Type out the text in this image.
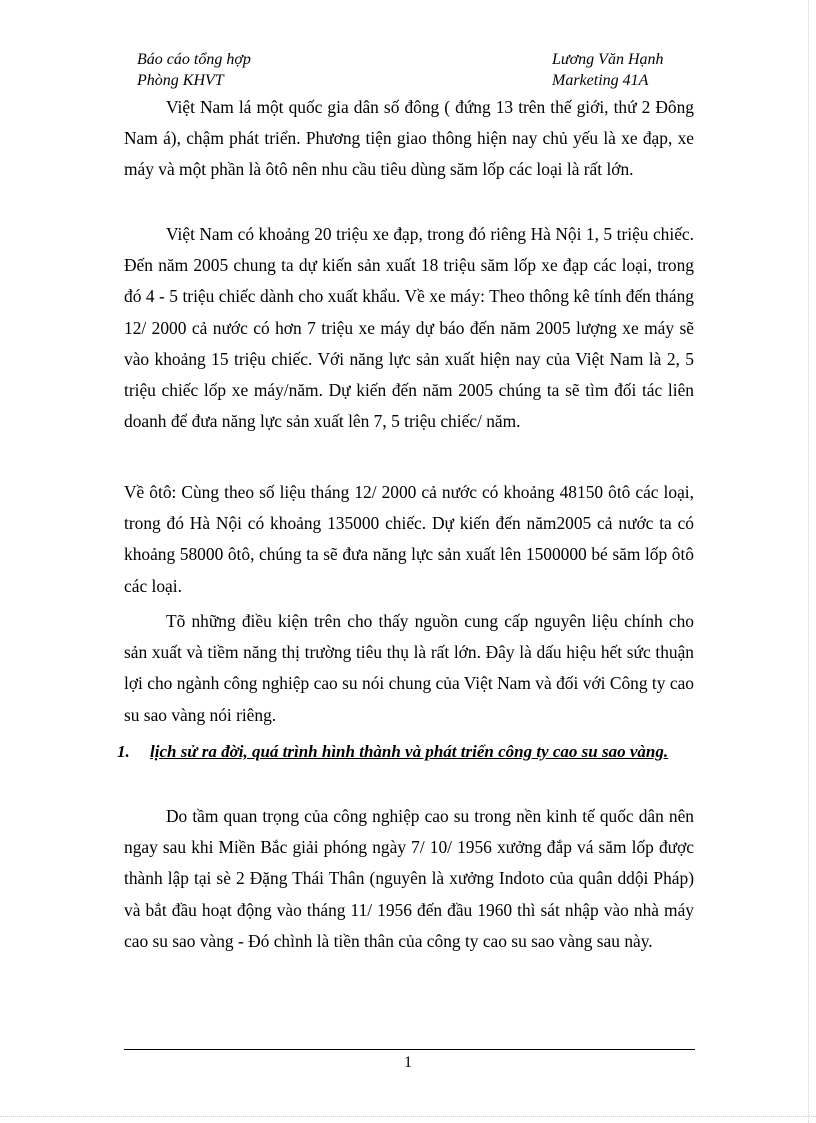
Báo cáo tổng hợp
Phòng KHVT
Lương Văn Hạnh
Marketing 41A

Việt Nam lá một quốc gia dân số đông ( đứng 13 trên thế giới, thứ 2 Đông Nam á), chậm phát triển. Phương tiện giao thông hiện nay chủ yếu là xe đạp, xe máy và một phần là ôtô nên nhu cầu tiêu dùng săm lốp các loại là rất lớn.

Việt Nam có khoảng 20 triệu xe đạp, trong đó riêng Hà Nội 1, 5 triệu chiếc. Đến năm 2005 chung ta dự kiến sản xuất 18 triệu săm lốp xe đạp các loại, trong đó 4 - 5 triệu chiếc dành cho xuất khẩu. Về xe máy: Theo thông kê tính đến tháng 12/ 2000 cả nước có hơn 7 triệu xe máy dự báo đến năm 2005 lượng xe máy sẽ vào khoảng 15 triệu chiếc. Với năng lực sản xuất hiện nay của Việt Nam là 2, 5 triệu chiếc lốp xe máy/năm. Dự kiến đến năm 2005 chúng ta sẽ tìm đối tác liên doanh để đưa năng lực sản xuất lên 7, 5 triệu chiếc/ năm.

Về ôtô: Cùng theo số liệu tháng 12/ 2000 cả nước có khoảng 48150 ôtô các loại, trong đó Hà Nội có khoảng 135000 chiếc. Dự kiến đến năm2005 cả nước ta có khoảng 58000 ôtô, chúng ta sẽ đưa năng lực sản xuất lên 1500000 bé săm lốp ôtô các loại.

Tõ những điều kiện trên cho thấy nguồn cung cấp nguyên liệu chính cho sản xuất và tiềm năng thị trường tiêu thụ là rất lớn. Đây là dấu hiệu hết sức thuận lợi cho ngành công nghiệp cao su nói chung của Việt Nam và đối với Công ty cao su sao vàng nói riêng.

1. lịch sử ra đời, quá trình hình thành và phát triển công ty cao su sao vàng.

Do tầm quan trọng của công nghiệp cao su trong nền kinh tế quốc dân nên ngay sau khi Miền Bắc giải phóng ngày 7/ 10/ 1956 xưởng đắp vá săm lốp được thành lập tại sè 2 Đặng Thái Thân (nguyên là xưởng Indoto của quân ddội Pháp) và bắt đầu hoạt động vào tháng 11/ 1956 đến đầu 1960 thì sát nhập vào nhà máy cao su sao vàng - Đó chình là tiền thân của công ty cao su sao vàng sau này.

1
